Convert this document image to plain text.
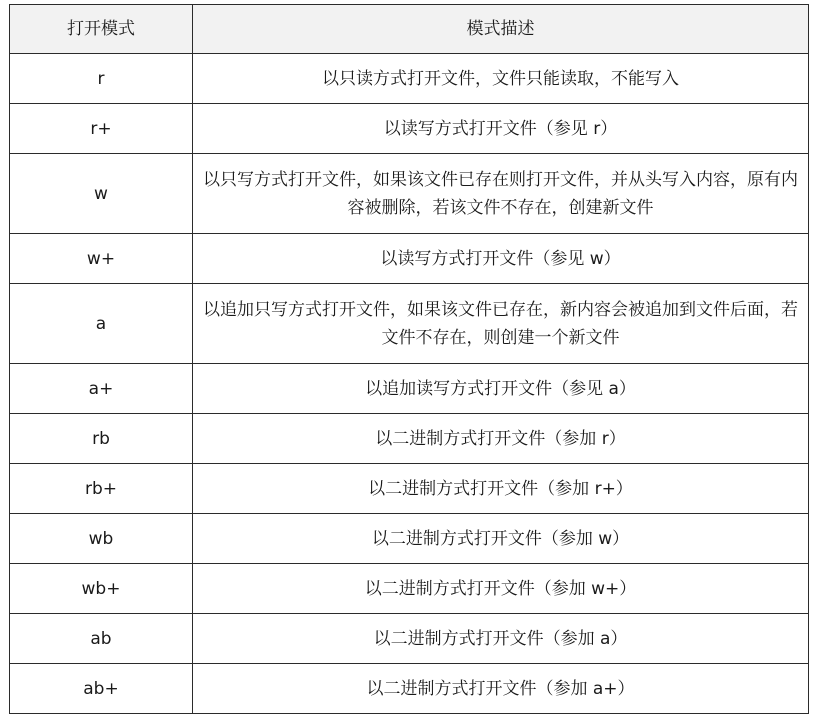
打开模式	模式描述
r	以只读方式打开文件，文件只能读取，不能写入
r+	以读写方式打开文件（参见 r）
w	以只写方式打开文件，如果该文件已存在则打开文件，并从头写入内容，原有内容被删除，若该文件不存在，创建新文件
w+	以读写方式打开文件（参见 w）
a	以追加只写方式打开文件，如果该文件已存在，新内容会被追加到文件后面，若文件不存在，则创建一个新文件
a+	以追加读写方式打开文件（参见 a）
rb	以二进制方式打开文件（参加 r）
rb+	以二进制方式打开文件（参加 r+）
wb	以二进制方式打开文件（参加 w）
wb+	以二进制方式打开文件（参加 w+）
ab	以二进制方式打开文件（参加 a）
ab+	以二进制方式打开文件（参加 a+）
